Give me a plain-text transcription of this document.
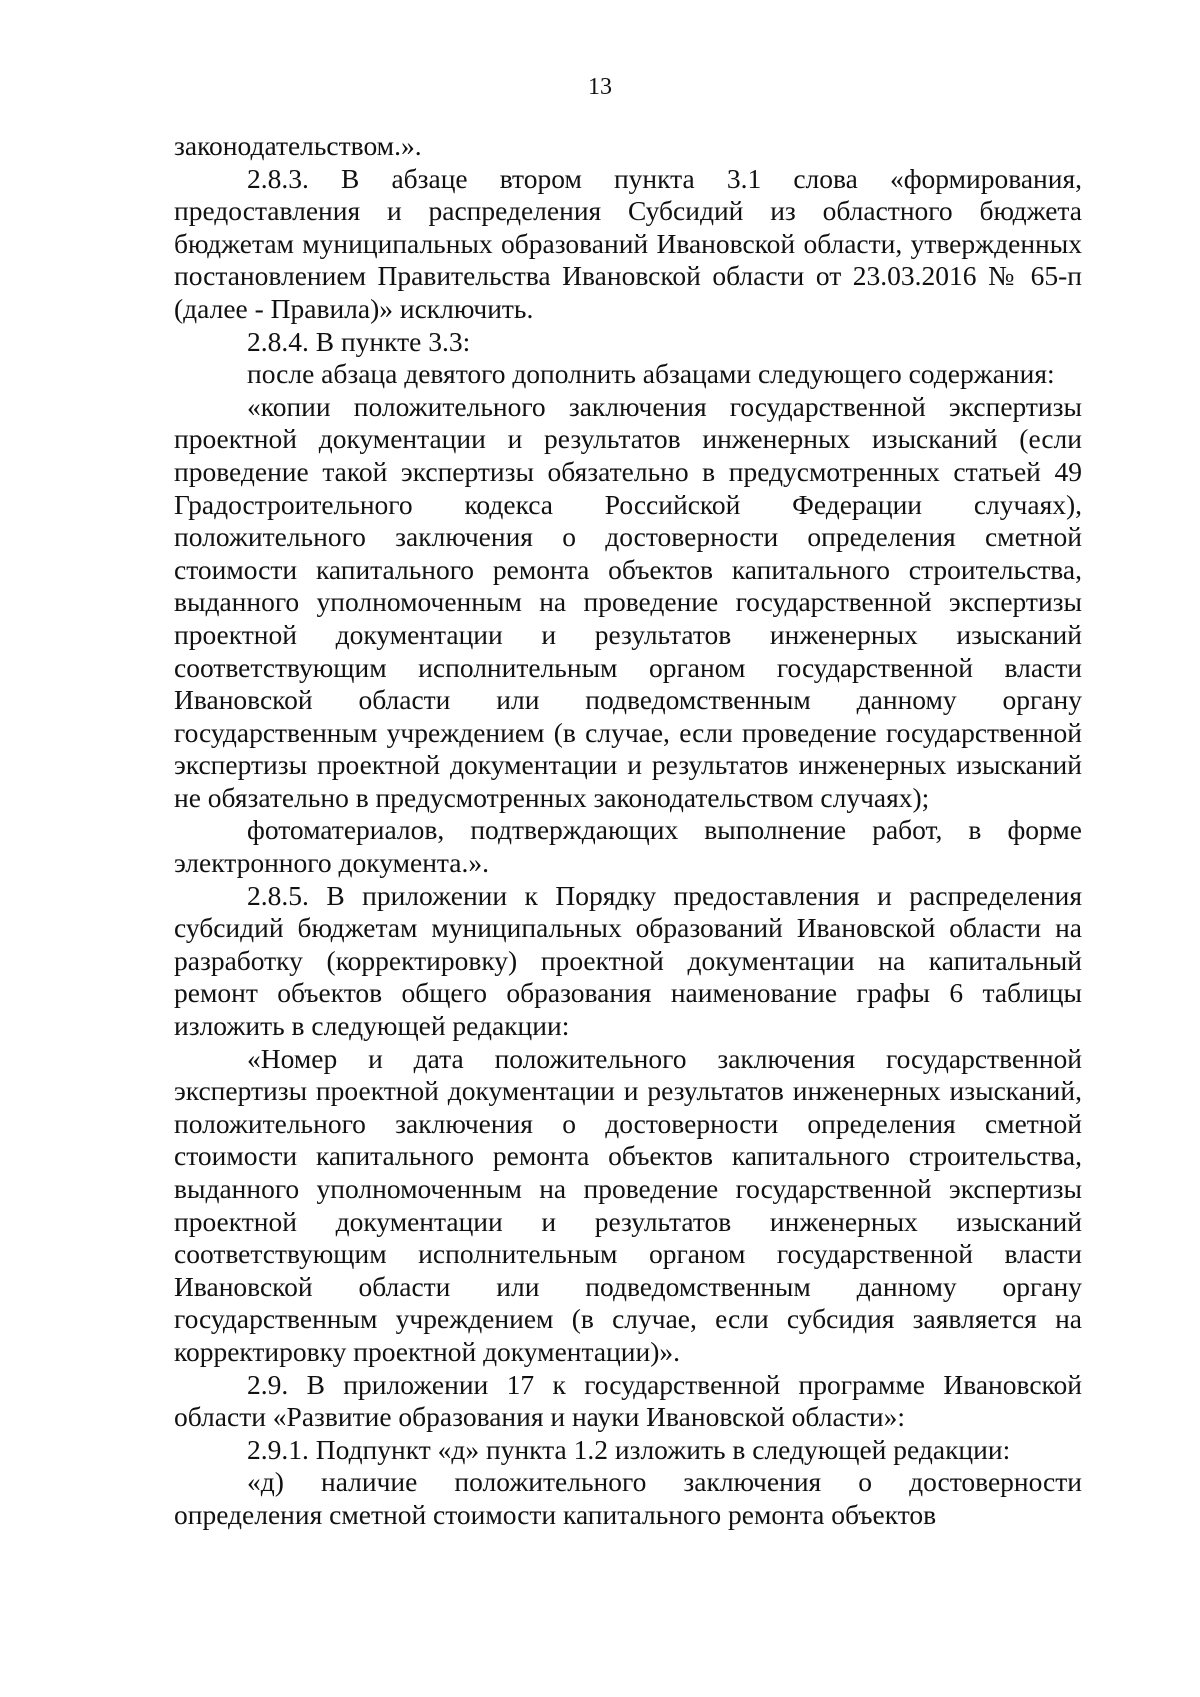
13

законодательством.».

2.8.3. В абзаце втором пункта 3.1 слова «формирования, предоставления и распределения Субсидий из областного бюджета бюджетам муниципальных образований Ивановской области, утвержденных постановлением Правительства Ивановской области от 23.03.2016 № 65-п (далее - Правила)» исключить.

2.8.4. В пункте 3.3:

после абзаца девятого дополнить абзацами следующего содержания:

«копии положительного заключения государственной экспертизы проектной документации и результатов инженерных изысканий (если проведение такой экспертизы обязательно в предусмотренных статьей 49 Градостроительного кодекса Российской Федерации случаях), положительного заключения о достоверности определения сметной стоимости капитального ремонта объектов капитального строительства, выданного уполномоченным на проведение государственной экспертизы проектной документации и результатов инженерных изысканий соответствующим исполнительным органом государственной власти Ивановской области или подведомственным данному органу государственным учреждением (в случае, если проведение государственной экспертизы проектной документации и результатов инженерных изысканий не обязательно в предусмотренных законодательством случаях);

фотоматериалов, подтверждающих выполнение работ, в форме электронного документа.».

2.8.5. В приложении к Порядку предоставления и распределения субсидий бюджетам муниципальных образований Ивановской области на разработку (корректировку) проектной документации на капитальный ремонт объектов общего образования наименование графы 6 таблицы изложить в следующей редакции:

«Номер и дата положительного заключения государственной экспертизы проектной документации и результатов инженерных изысканий, положительного заключения о достоверности определения сметной стоимости капитального ремонта объектов капитального строительства, выданного уполномоченным на проведение государственной экспертизы проектной документации и результатов инженерных изысканий соответствующим исполнительным органом государственной власти Ивановской области или подведомственным данному органу государственным учреждением (в случае, если субсидия заявляется на корректировку проектной документации)».

2.9. В приложении 17 к государственной программе Ивановской области «Развитие образования и науки Ивановской области»:

2.9.1. Подпункт «д» пункта 1.2 изложить в следующей редакции:

«д) наличие положительного заключения о достоверности определения сметной стоимости капитального ремонта объектов
